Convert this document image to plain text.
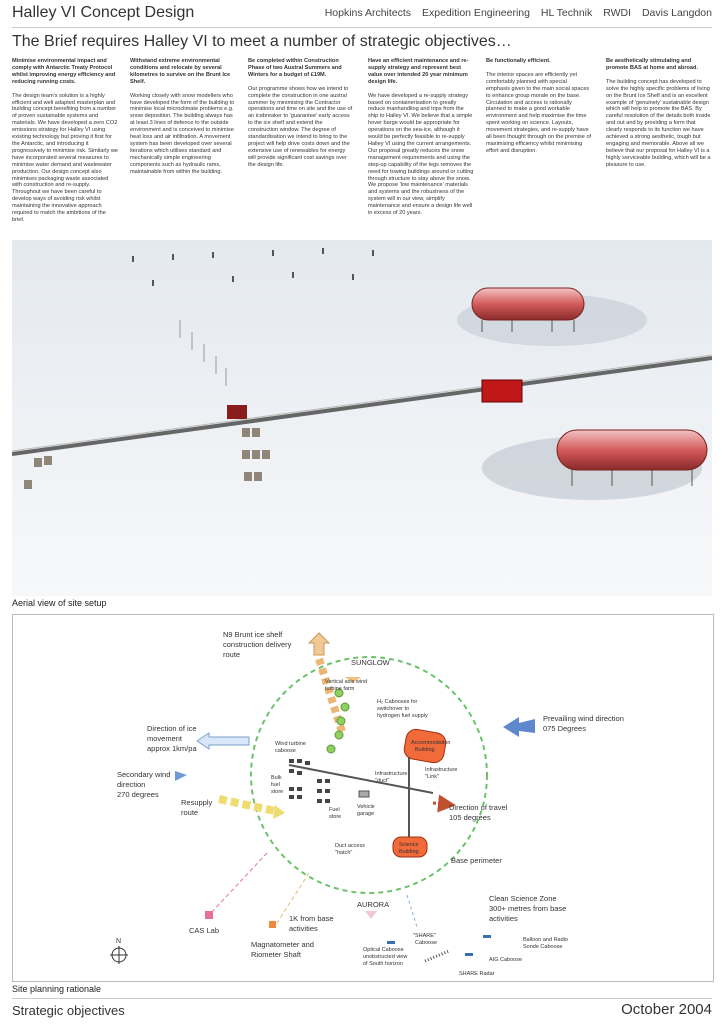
Halley VI Concept Design	Hopkins Architects Expedition Engineering HL Technik RWDI Davis Langdon
The Brief requires Halley VI to meet a number of strategic objectives…
Minimise environmental impact and comply with Antarctic Treaty Protocol whilst improving energy efficiency and reducing running costs.
The design team's solution is a highly efficient and well adapted masterplan and building concept benefiting from a number of proven sustainable systems and materials. We have developed a zero CO2 emissions strategy for Halley VI using existing technology but proving it first for the Antarctic, and introducing it progressively to minimise risk. Similarly we have incorporated several measures to minimise water demand and wastewater production. Our design concept also minimises packaging waste associated with construction and re-supply. Throughout we have been careful to develop ways of avoiding risk whilst maintaining the innovative approach required to match the ambitions of the brief.
Withstand extreme environmental conditions and relocate by several kilometres to survive on the Brunt Ice Shelf.
Working closely with snow modellers who have developed the form of the building to minimise local microclimate problems e.g. snow deposition. The building always has at least 3 lines of defence to the outside environment and is conceived to minimise heat loss and air infiltration. A movement system has been developed over several iterations which utilises standard and mechanically simple engineering components such as hydraulic rams, maintainable from within the building.
Be completed within Construction Phase of two Austral Summers and Winters for a budget of £19M.
Our programme shows how we intend to complete the construction in one austral summer by minimising the Contractor operations and time on site and the use of an icebreaker to 'guarantee' early access to the ice shelf and extend the construction window. The degree of standardisation we intend to bring to the project will help drive costs down and the extensive use of renewables for energy will provide significant cost savings over the design life.
Have an efficient maintenance and re-supply strategy and represent best value over intended 20 year minimum design life.
We have developed a re-supply strategy based on containerisation to greatly reduce manhandling and trips from the ship to Halley VI. We believe that a simple hover barge would be appropriate for operations on the sea-ice, although it would be perfectly feasible to re-supply Halley VI using the current arrangements. Our proposal greatly reduces the snow management requirements and using the step-up capability of the legs removes the need for towing buildings around or cutting through structure to stay above the snow. We propose 'low maintenance' materials and systems and the robustness of the system will in our view, simplify maintenance and ensure a design life well in excess of 20 years.
Be functionally efficient.
The interior spaces are efficiently yet comfortably planned with special emphasis given to the main social spaces to enhance group morale on the base. Circulation and access is rationally planned to make a good workable environment and help maximise the time spent working on science. Layouts, movement strategies, and re-supply have all been thought through on the premise of maximising efficiency whilst minimising effort and disruption.
Be aesthetically stimulating and promote BAS at home and abroad.
The building concept has developed to solve the highly specific problems of living on the Brunt Ice Shelf and is an excellent example of 'genuinely' sustainable design which will help to promote the BAS. By careful resolution of the details both inside and out and by providing a form that clearly responds to its function we have achieved a strong aesthetic, tough but engaging and memorable. Above all we believe that our proposal for Halley VI is a highly serviceable building, which will be a pleasure to use.
Aerial view of site setup
N9 Brunt ice shelf construction delivery route
SUNGLOW
Vertical axis wind turbine farm
H₂ Cabooses for switchover to hydrogen fuel supply
Wind turbine caboose
Direction of ice movement approx 1km/pa
Secondary wind direction 270 degrees
Resupply route
Prevailing wind direction 075 Degrees
Accommodation Building
Science Building
Infrastructure "duct"
Infrastructure "Link"
Bulk fuel store
Fuel store
Vehicle garage
Duct access "hatch"
Direction of travel 105 degrees
Base perimeter
Clean Science Zone 300+ metres from base activities
AURORA
"SHARE" Caboose	Balloon and Radio Sonde Caboose
AIG Caboose
Optical Caboose unobstructed view of South horizon
SHARE Radar
1K from base activities
Magnatometer and Riometer Shaft
CAS Lab
N
Site planning rationale
Strategic objectives	October 2004
